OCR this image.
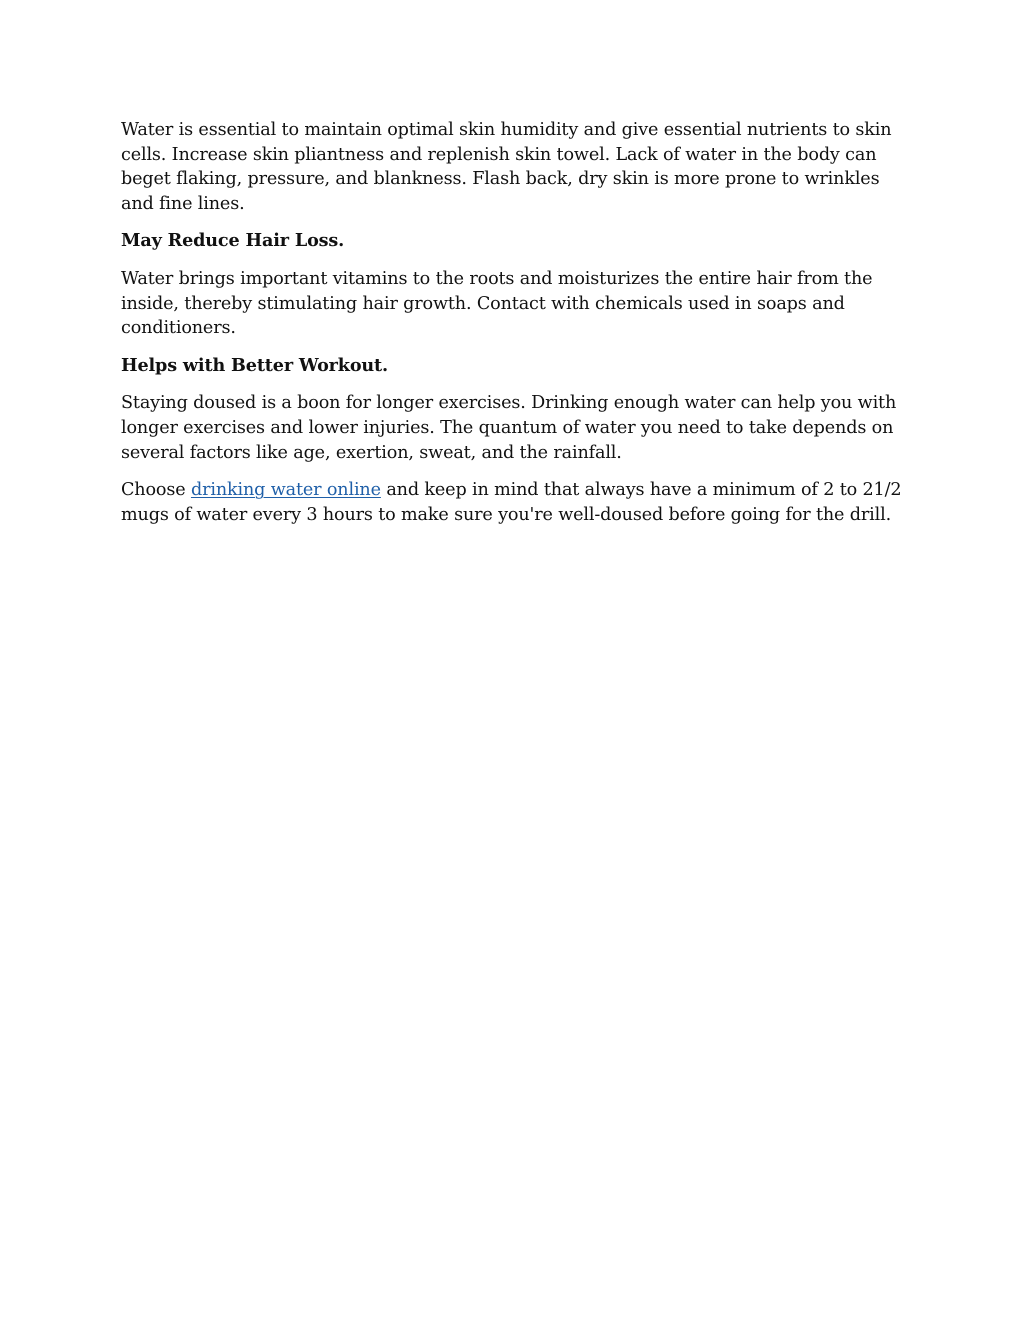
Water is essential to maintain optimal skin humidity and give essential nutrients to skin cells. Increase skin pliantness and replenish skin towel. Lack of water in the body can beget flaking, pressure, and blankness. Flash back, dry skin is more prone to wrinkles and fine lines.

May Reduce Hair Loss.

Water brings important vitamins to the roots and moisturizes the entire hair from the inside, thereby stimulating hair growth. Contact with chemicals used in soaps and conditioners.

Helps with Better Workout.

Staying doused is a boon for longer exercises. Drinking enough water can help you with longer exercises and lower injuries. The quantum of water you need to take depends on several factors like age, exertion, sweat, and the rainfall.

Choose drinking water online and keep in mind that always have a minimum of 2 to 21/2 mugs of water every 3 hours to make sure you're well-doused before going for the drill.
